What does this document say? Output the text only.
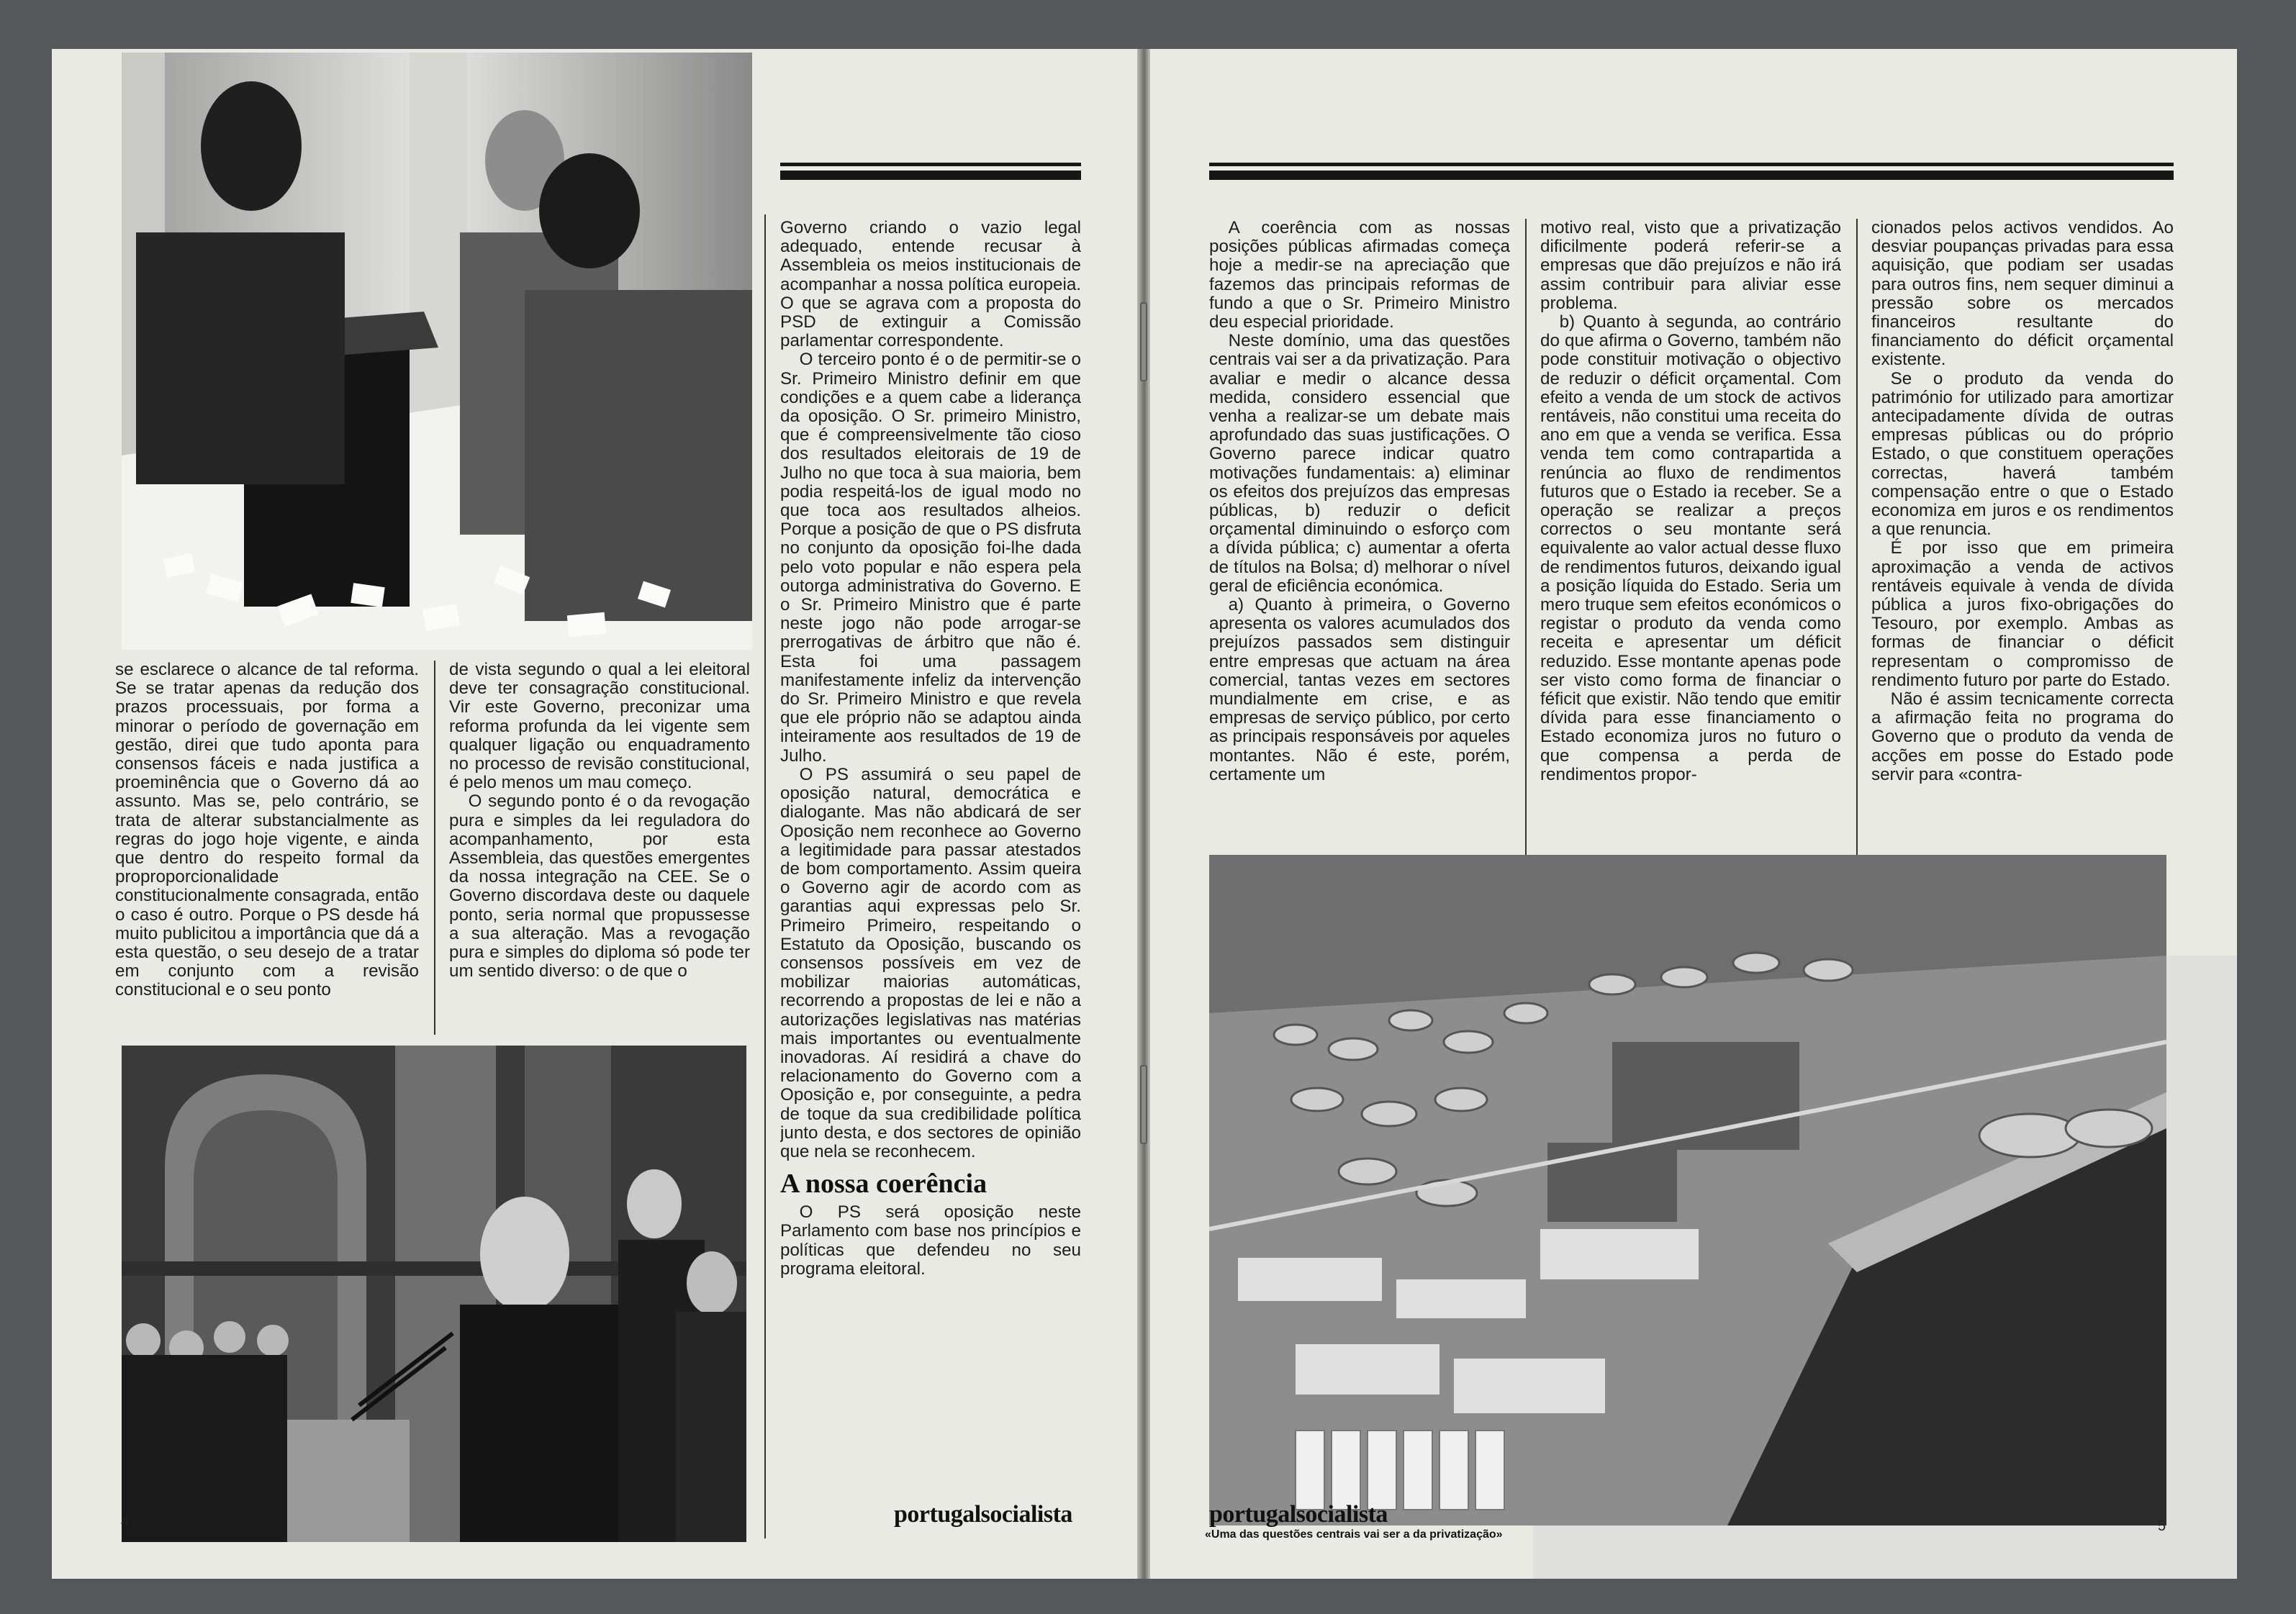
se esclarece o alcance de tal reforma. Se se tratar apenas da redução dos prazos processuais, por forma a minorar o período de governação em gestão, direi que tudo aponta para consensos fáceis e nada justifica a proeminência que o Governo dá ao assunto. Mas se, pelo contrário, se trata de alterar substancialmente as regras do jogo hoje vigente, e ainda que dentro do respeito formal da proproporcionalidade constitucionalmente consagrada, então o caso é outro. Porque o PS desde há muito publicitou a importância que dá a esta questão, o seu desejo de a tratar em conjunto com a revisão constitucional e o seu ponto

de vista segundo o qual a lei eleitoral deve ter consagração constitucional. Vir este Governo, preconizar uma reforma profunda da lei vigente sem qualquer ligação ou enquadramento no processo de revisão constitucional, é pelo menos um mau começo.

O segundo ponto é o da revogação pura e simples da lei reguladora do acompanhamento, por esta Assembleia, das questões emergentes da nossa integração na CEE. Se o Governo discordava deste ou daquele ponto, seria normal que propussesse a sua alteração. Mas a revogação pura e simples do diploma só pode ter um sentido diverso: o de que o

Governo criando o vazio legal adequado, entende recusar à Assembleia os meios institucionais de acompanhar a nossa política europeia. O que se agrava com a proposta do PSD de extinguir a Comissão parlamentar correspondente.

O terceiro ponto é o de permitir-se o Sr. Primeiro Ministro definir em que condições e a quem cabe a liderança da oposição. O Sr. primeiro Ministro, que é compreensivelmente tão cioso dos resultados eleitorais de 19 de Julho no que toca à sua maioria, bem podia respeitá-los de igual modo no que toca aos resultados alheios. Porque a posição de que o PS disfruta no conjunto da oposição foi-lhe dada pelo voto popular e não espera pela outorga administrativa do Governo. E o Sr. Primeiro Ministro que é parte neste jogo não pode arrogar-se prerrogativas de árbitro que não é. Esta foi uma passagem manifestamente infeliz da intervenção do Sr. Primeiro Ministro e que revela que ele próprio não se adaptou ainda inteiramente aos resultados de 19 de Julho.

O PS assumirá o seu papel de oposição natural, democrática e dialogante. Mas não abdicará de ser Oposição nem reconhece ao Governo a legitimidade para passar atestados de bom comportamento. Assim queira o Governo agir de acordo com as garantias aqui expressas pelo Sr. Primeiro Primeiro, respeitando o Estatuto da Oposição, buscando os consensos possíveis em vez de mobilizar maiorias automáticas, recorrendo a propostas de lei e não a autorizações legislativas nas matérias mais importantes ou eventualmente inovadoras. Aí residirá a chave do relacionamento do Governo com a Oposição e, por conseguinte, a pedra de toque da sua credibilidade política junto desta, e dos sectores de opinião que nela se reconhecem.

A nossa coerência

O PS será oposição neste Parlamento com base nos princípios e políticas que defendeu no seu programa eleitoral.

4	portugalsocialista

A coerência com as nossas posições públicas afirmadas começa hoje a medir-se na apreciação que fazemos das principais reformas de fundo a que o Sr. Primeiro Ministro deu especial prioridade.

Neste domínio, uma das questões centrais vai ser a da privatização. Para avaliar e medir o alcance dessa medida, considero essencial que venha a realizar-se um debate mais aprofundado das suas justificações. O Governo parece indicar quatro motivações fundamentais: a) eliminar os efeitos dos prejuízos das empresas públicas, b) reduzir o deficit orçamental diminuindo o esforço com a dívida pública; c) aumentar a oferta de títulos na Bolsa; d) melhorar o nível geral de eficiência económica.

a) Quanto à primeira, o Governo apresenta os valores acumulados dos prejuízos passados sem distinguir entre empresas que actuam na área comercial, tantas vezes em sectores mundialmente em crise, e as empresas de serviço público, por certo as principais responsáveis por aqueles montantes. Não é este, porém, certamente um

motivo real, visto que a privatização dificilmente poderá referir-se a empresas que dão prejuízos e não irá assim contribuir para aliviar esse problema.

b) Quanto à segunda, ao contrário do que afirma o Governo, também não pode constituir motivação o objectivo de reduzir o déficit orçamental. Com efeito a venda de um stock de activos rentáveis, não constitui uma receita do ano em que a venda se verifica. Essa venda tem como contrapartida a renúncia ao fluxo de rendimentos futuros que o Estado ia receber. Se a operação se realizar a preços correctos o seu montante será equivalente ao valor actual desse fluxo de rendimentos futuros, deixando igual a posição líquida do Estado. Seria um mero truque sem efeitos económicos o registar o produto da venda como receita e apresentar um déficit reduzido. Esse montante apenas pode ser visto como forma de financiar o féficit que existir. Não tendo que emitir dívida para esse financiamento o Estado economiza juros no futuro o que compensa a perda de rendimentos propor-

cionados pelos activos vendidos. Ao desviar poupanças privadas para essa aquisição, que podiam ser usadas para outros fins, nem sequer diminui a pressão sobre os mercados financeiros resultante do financiamento do déficit orçamental existente.

Se o produto da venda do património for utilizado para amortizar antecipadamente dívida de outras empresas públicas ou do próprio Estado, o que constituem operações correctas, haverá também compensação entre o que o Estado economiza em juros e os rendimentos a que renuncia.

É por isso que em primeira aproximação a venda de activos rentáveis equivale à venda de dívida pública a juros fixo-obrigações do Tesouro, por exemplo. Ambas as formas de financiar o déficit representam o compromisso de rendimento futuro por parte do Estado.

Não é assim tecnicamente correcta a afirmação feita no programa do Governo que o produto da venda de acções em posse do Estado pode servir para «contra-

«Uma das questões centrais vai ser a da privatização»
portugalsocialista	5
